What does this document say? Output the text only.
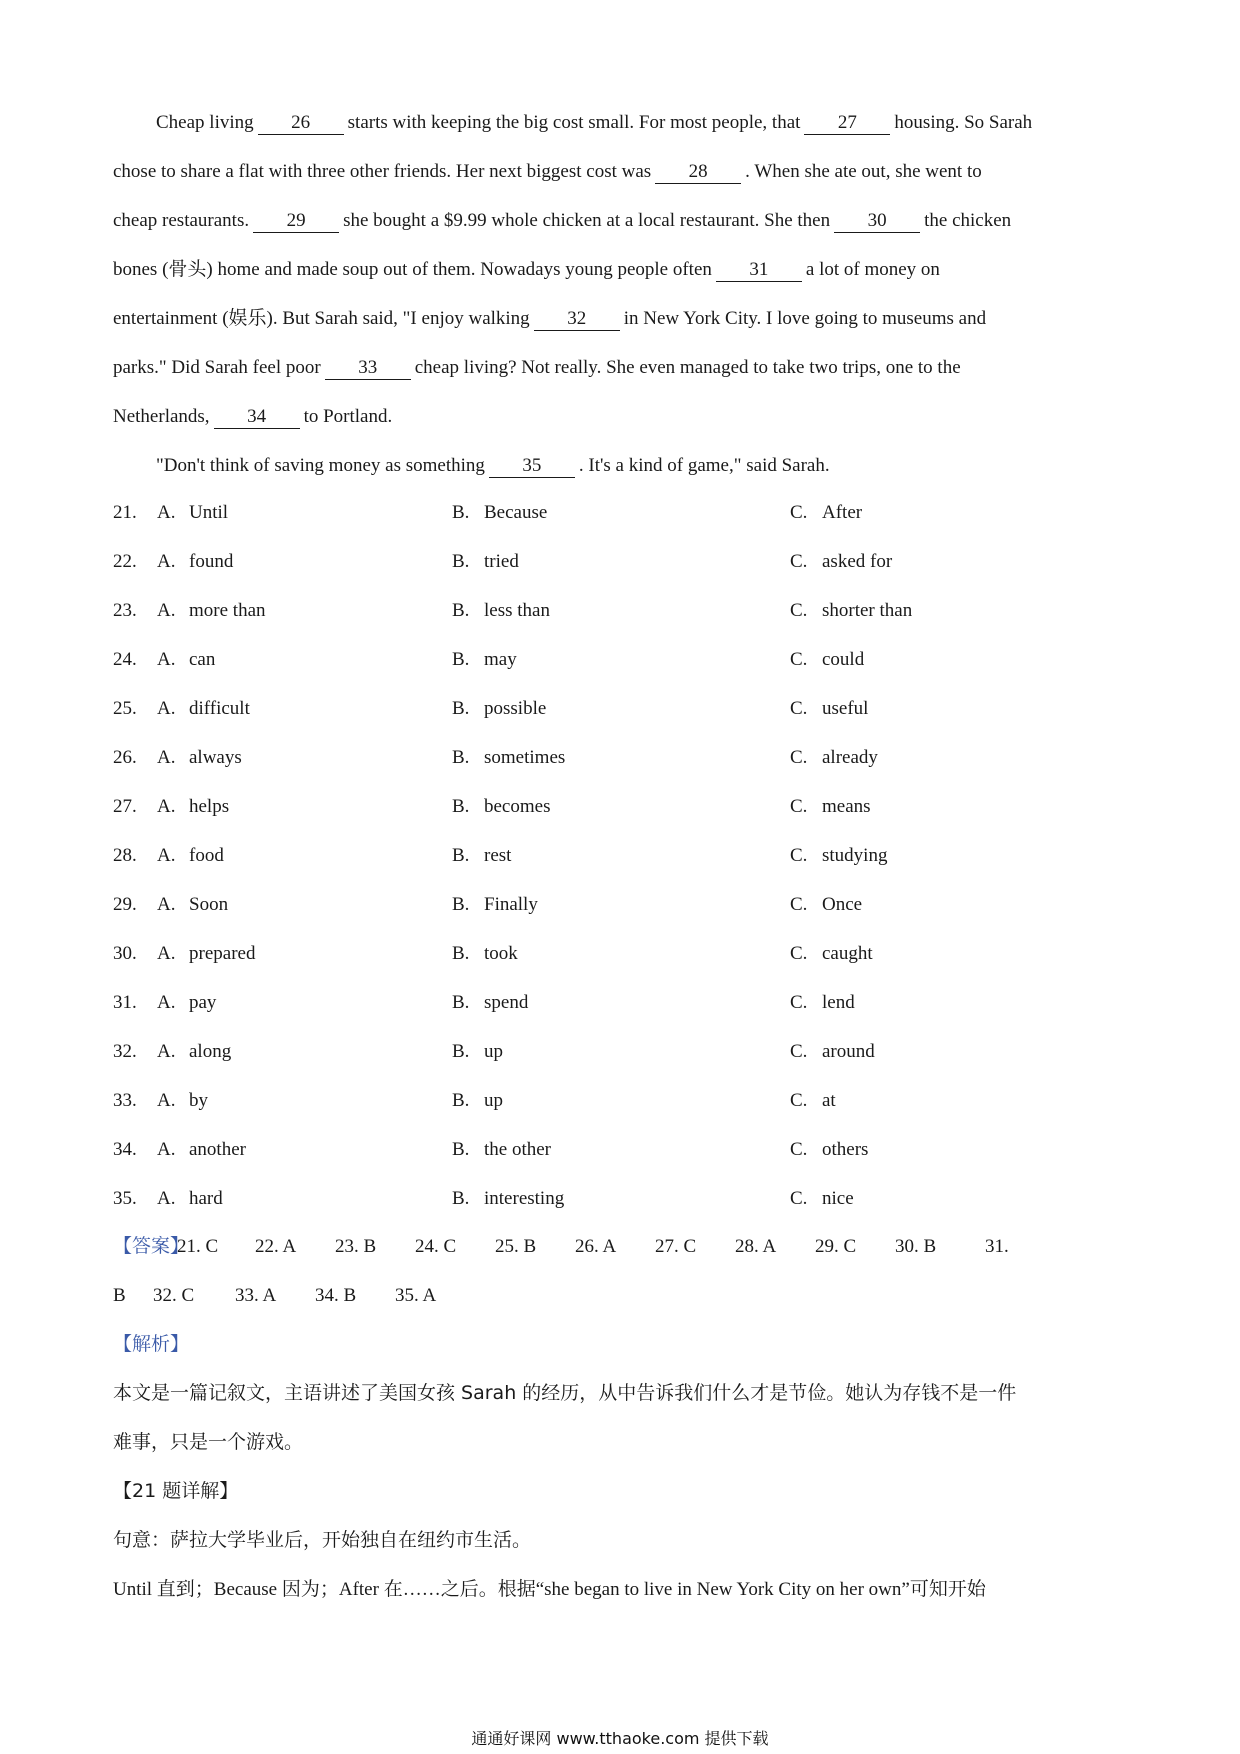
Cheap living 26 starts with keeping the big cost small. For most people, that 27 housing. So Sarah
chose to share a flat with three other friends. Her next biggest cost was 28 . When she ate out, she went to
cheap restaurants. 29 she bought a $9.99 whole chicken at a local restaurant. She then 30 the chicken
bones (骨头) home and made soup out of them. Nowadays young people often 31 a lot of money on
entertainment (娱乐). But Sarah said, "I enjoy walking 32 in New York City. I love going to museums and
parks." Did Sarah feel poor 33 cheap living? Not really. She even managed to take two trips, one to the
Netherlands, 34 to Portland.
"Don't think of saving money as something 35 . It's a kind of game," said Sarah.
21. A. Until	B. Because	C. After
22. A. found	B. tried	C. asked for
23. A. more than	B. less than	C. shorter than
24. A. can	B. may	C. could
25. A. difficult	B. possible	C. useful
26. A. always	B. sometimes	C. already
27. A. helps	B. becomes	C. means
28. A. food	B. rest	C. studying
29. A. Soon	B. Finally	C. Once
30. A. prepared	B. took	C. caught
31. A. pay	B. spend	C. lend
32. A. along	B. up	C. around
33. A. by	B. up	C. at
34. A. another	B. the other	C. others
35. A. hard	B. interesting	C. nice
【答案】
21. C 22. A 23. B 24. C 25. B 26. A 27. C 28. A 29. C 30. B	31.
B 32. C 33. A 34. B 35. A
【解析】
本文是一篇记叙文，主语讲述了美国女孩 Sarah 的经历，从中告诉我们什么才是节俭。她认为存钱不是一件
难事，只是一个游戏。
【21 题详解】
句意：萨拉大学毕业后，开始独自在纽约市生活。
Until 直到；Because 因为；After 在……之后。根据“she began to live in New York City on her own”可知开始
通通好课网 www.tthaoke.com 提供下载
